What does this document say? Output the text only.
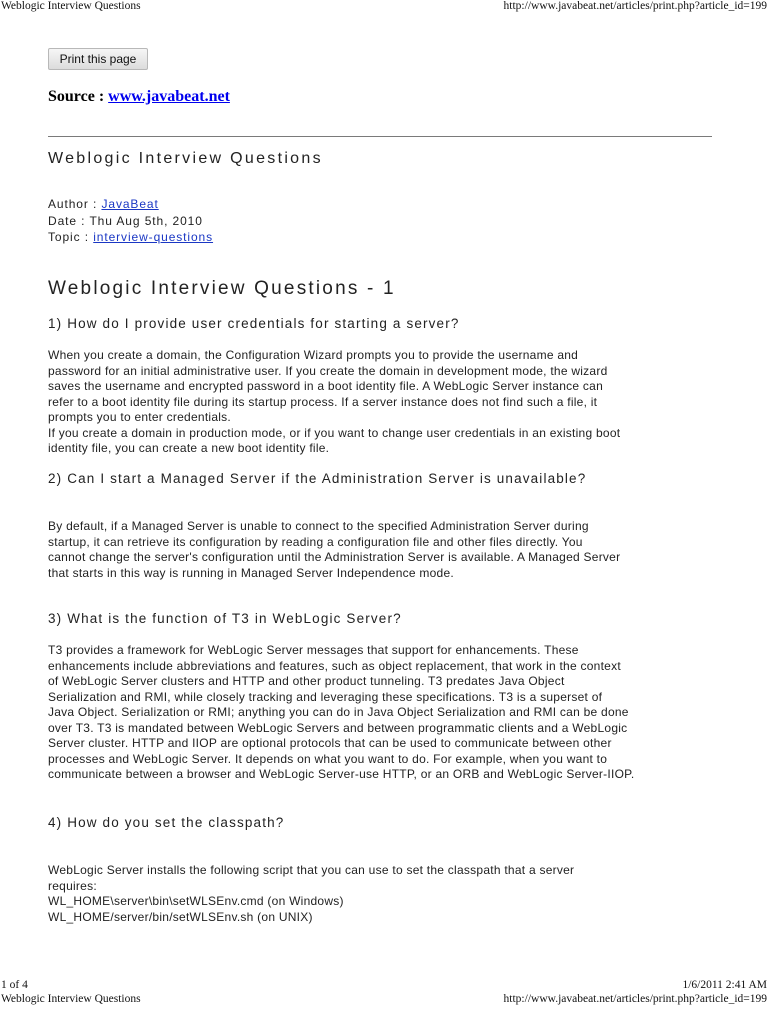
Weblogic Interview Questions	http://www.javabeat.net/articles/print.php?article_id=199
Print this page
Source : www.javabeat.net
Weblogic Interview Questions
Author : JavaBeat
Date : Thu Aug 5th, 2010
Topic : interview-questions
Weblogic Interview Questions - 1
1) How do I provide user credentials for starting a server?
When you create a domain, the Configuration Wizard prompts you to provide the username and
password for an initial administrative user. If you create the domain in development mode, the wizard
saves the username and encrypted password in a boot identity file. A WebLogic Server instance can
refer to a boot identity file during its startup process. If a server instance does not find such a file, it
prompts you to enter credentials.
If you create a domain in production mode, or if you want to change user credentials in an existing boot
identity file, you can create a new boot identity file.
2) Can I start a Managed Server if the Administration Server is unavailable?
By default, if a Managed Server is unable to connect to the specified Administration Server during
startup, it can retrieve its configuration by reading a configuration file and other files directly. You
cannot change the server's configuration until the Administration Server is available. A Managed Server
that starts in this way is running in Managed Server Independence mode.
3) What is the function of T3 in WebLogic Server?
T3 provides a framework for WebLogic Server messages that support for enhancements. These
enhancements include abbreviations and features, such as object replacement, that work in the context
of WebLogic Server clusters and HTTP and other product tunneling. T3 predates Java Object
Serialization and RMI, while closely tracking and leveraging these specifications. T3 is a superset of
Java Object. Serialization or RMI; anything you can do in Java Object Serialization and RMI can be done
over T3. T3 is mandated between WebLogic Servers and between programmatic clients and a WebLogic
Server cluster. HTTP and IIOP are optional protocols that can be used to communicate between other
processes and WebLogic Server. It depends on what you want to do. For example, when you want to
communicate between a browser and WebLogic Server-use HTTP, or an ORB and WebLogic Server-IIOP.
4) How do you set the classpath?
WebLogic Server installs the following script that you can use to set the classpath that a server
requires:
WL_HOME\server\bin\setWLSEnv.cmd (on Windows)
WL_HOME/server/bin/setWLSEnv.sh (on UNIX)
1 of 4	1/6/2011 2:41 AM
Weblogic Interview Questions	http://www.javabeat.net/articles/print.php?article_id=199
